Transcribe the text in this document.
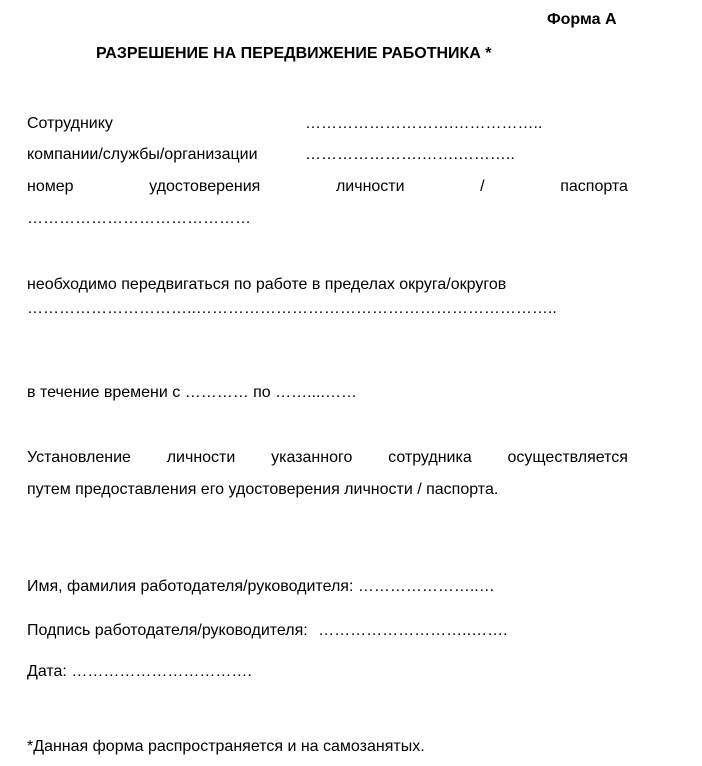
Форма А
РАЗРЕШЕНИЕ НА ПЕРЕДВИЖЕНИЕ РАБОТНИКА *
Сотруднику	……………………….……………..
компании/службы/организации	………………….…….………..
номер	удостоверения	личности	/	паспорта
……………………………………
необходимо передвигаться по работе в пределах округа/округов
…………………………..…………………………………………………………..
в течение времени с ………… по ……....……
Установление личности указанного сотрудника осуществляется
путем предоставления его удостоверения личности / паспорта.
Имя, фамилия работодателя/руководителя: …………………..…
Подпись работодателя/руководителя: ………………………..…….
Дата: …………………………….
*Данная форма распространяется и на самозанятых.
